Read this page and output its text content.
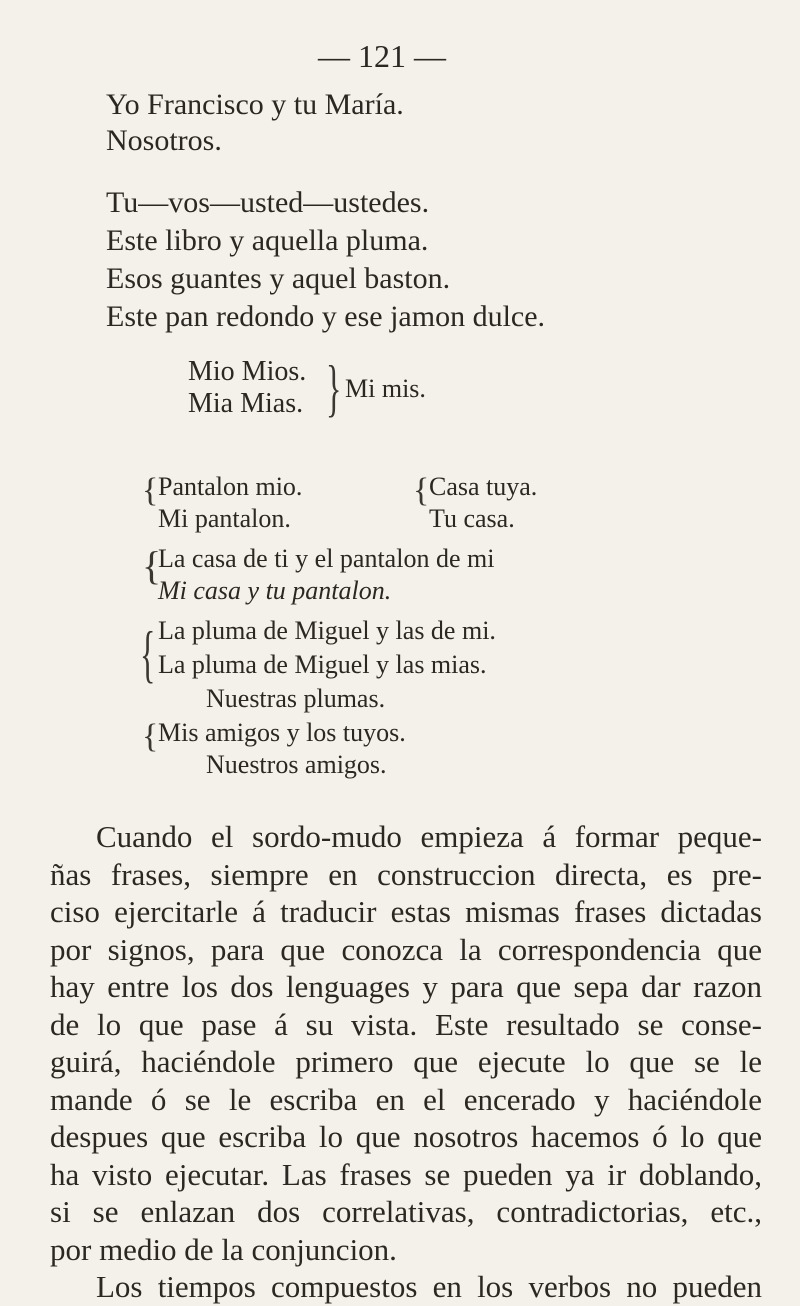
— 121 —
Yo Francisco y tu María.
Nosotros.
Tu—vos—usted—ustedes.
Este libro y aquella pluma.
Esos guantes y aquel baston.
Este pan redondo y ese jamon dulce.
Mio Mios.
Mia Mias. } Mi mis.
{ Pantalon mio.
Mi pantalon.
{ Casa tuya.
Tu casa.
{
La casa de ti y el pantalon de mi
Mi casa y tu pantalon.
{ La pluma de Miguel y las de mi.
La pluma de Miguel y las mias.
Nuestras plumas.
{ Mis amigos y los tuyos.
Nuestros amigos.
Cuando el sordo-mudo empieza á formar peque-
ñas frases, siempre en construccion directa, es pre-
ciso ejercitarle á traducir estas mismas frases dictadas
por signos, para que conozca la correspondencia que
hay entre los dos lenguages y para que sepa dar razon
de lo que pase á su vista. Este resultado se conse-
guirá, haciéndole primero que ejecute lo que se le
mande ó se le escriba en el encerado y haciéndole
despues que escriba lo que nosotros hacemos ó lo que
ha visto ejecutar. Las frases se pueden ya ir doblando,
si se enlazan dos correlativas, contradictorias, etc.,
por medio de la conjuncion.
Los tiempos compuestos en los verbos no pueden
